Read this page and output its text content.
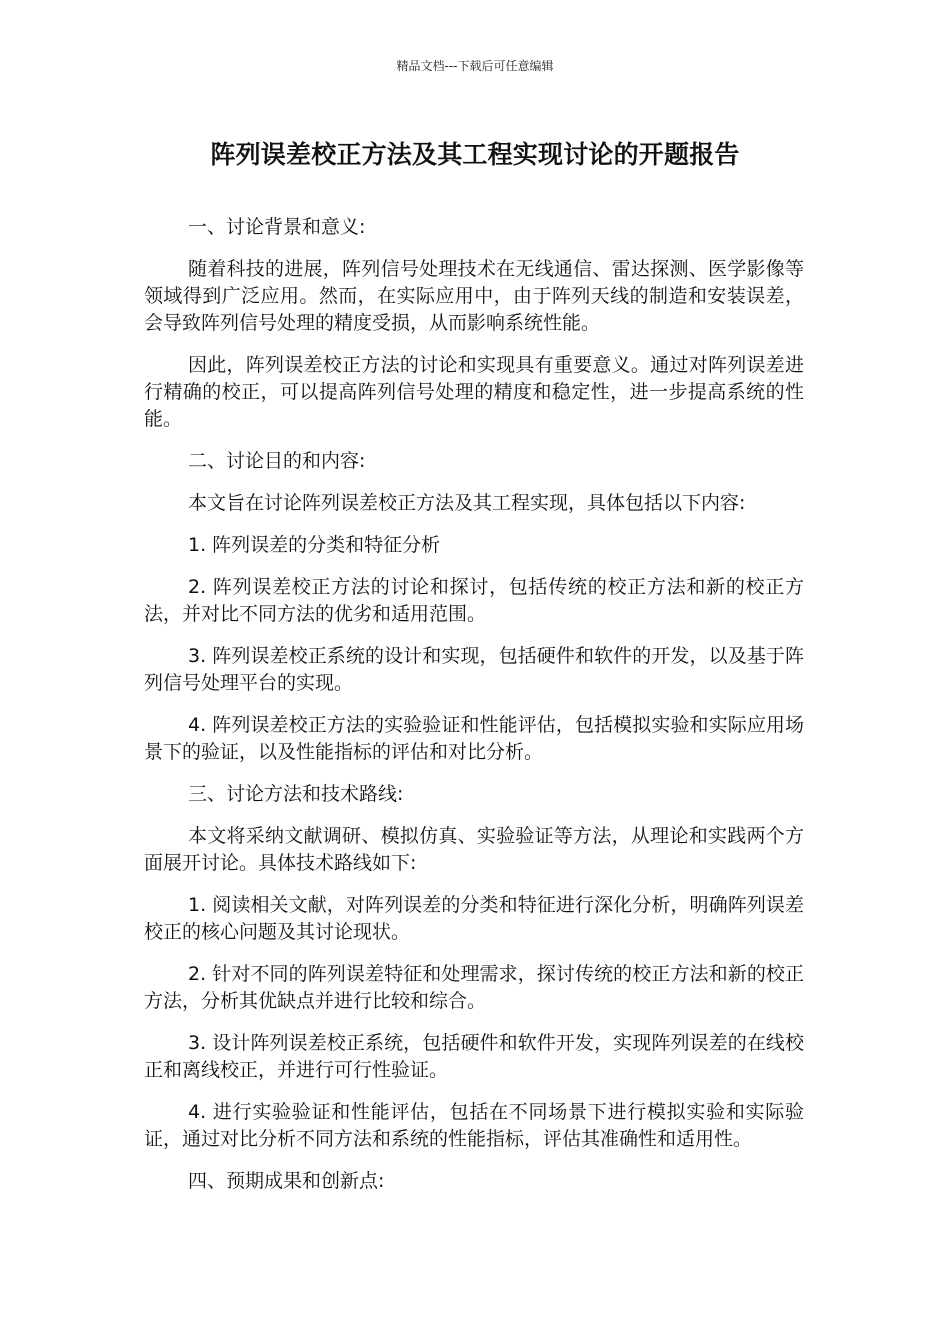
精品文档---下载后可任意编辑
阵列误差校正方法及其工程实现讨论的开题报告

一、讨论背景和意义:

随着科技的进展，阵列信号处理技术在无线通信、雷达探测、医学影像等领域得到广泛应用。然而，在实际应用中，由于阵列天线的制造和安装误差，会导致阵列信号处理的精度受损，从而影响系统性能。

因此，阵列误差校正方法的讨论和实现具有重要意义。通过对阵列误差进行精确的校正，可以提高阵列信号处理的精度和稳定性，进一步提高系统的性能。

二、讨论目的和内容:

本文旨在讨论阵列误差校正方法及其工程实现，具体包括以下内容:

1. 阵列误差的分类和特征分析

2. 阵列误差校正方法的讨论和探讨，包括传统的校正方法和新的校正方法，并对比不同方法的优劣和适用范围。

3. 阵列误差校正系统的设计和实现，包括硬件和软件的开发，以及基于阵列信号处理平台的实现。

4. 阵列误差校正方法的实验验证和性能评估，包括模拟实验和实际应用场景下的验证，以及性能指标的评估和对比分析。

三、讨论方法和技术路线:

本文将采纳文献调研、模拟仿真、实验验证等方法，从理论和实践两个方面展开讨论。具体技术路线如下:

1. 阅读相关文献，对阵列误差的分类和特征进行深化分析，明确阵列误差校正的核心问题及其讨论现状。

2. 针对不同的阵列误差特征和处理需求，探讨传统的校正方法和新的校正方法，分析其优缺点并进行比较和综合。

3. 设计阵列误差校正系统，包括硬件和软件开发，实现阵列误差的在线校正和离线校正，并进行可行性验证。

4. 进行实验验证和性能评估，包括在不同场景下进行模拟实验和实际验证，通过对比分析不同方法和系统的性能指标，评估其准确性和适用性。

四、预期成果和创新点:
